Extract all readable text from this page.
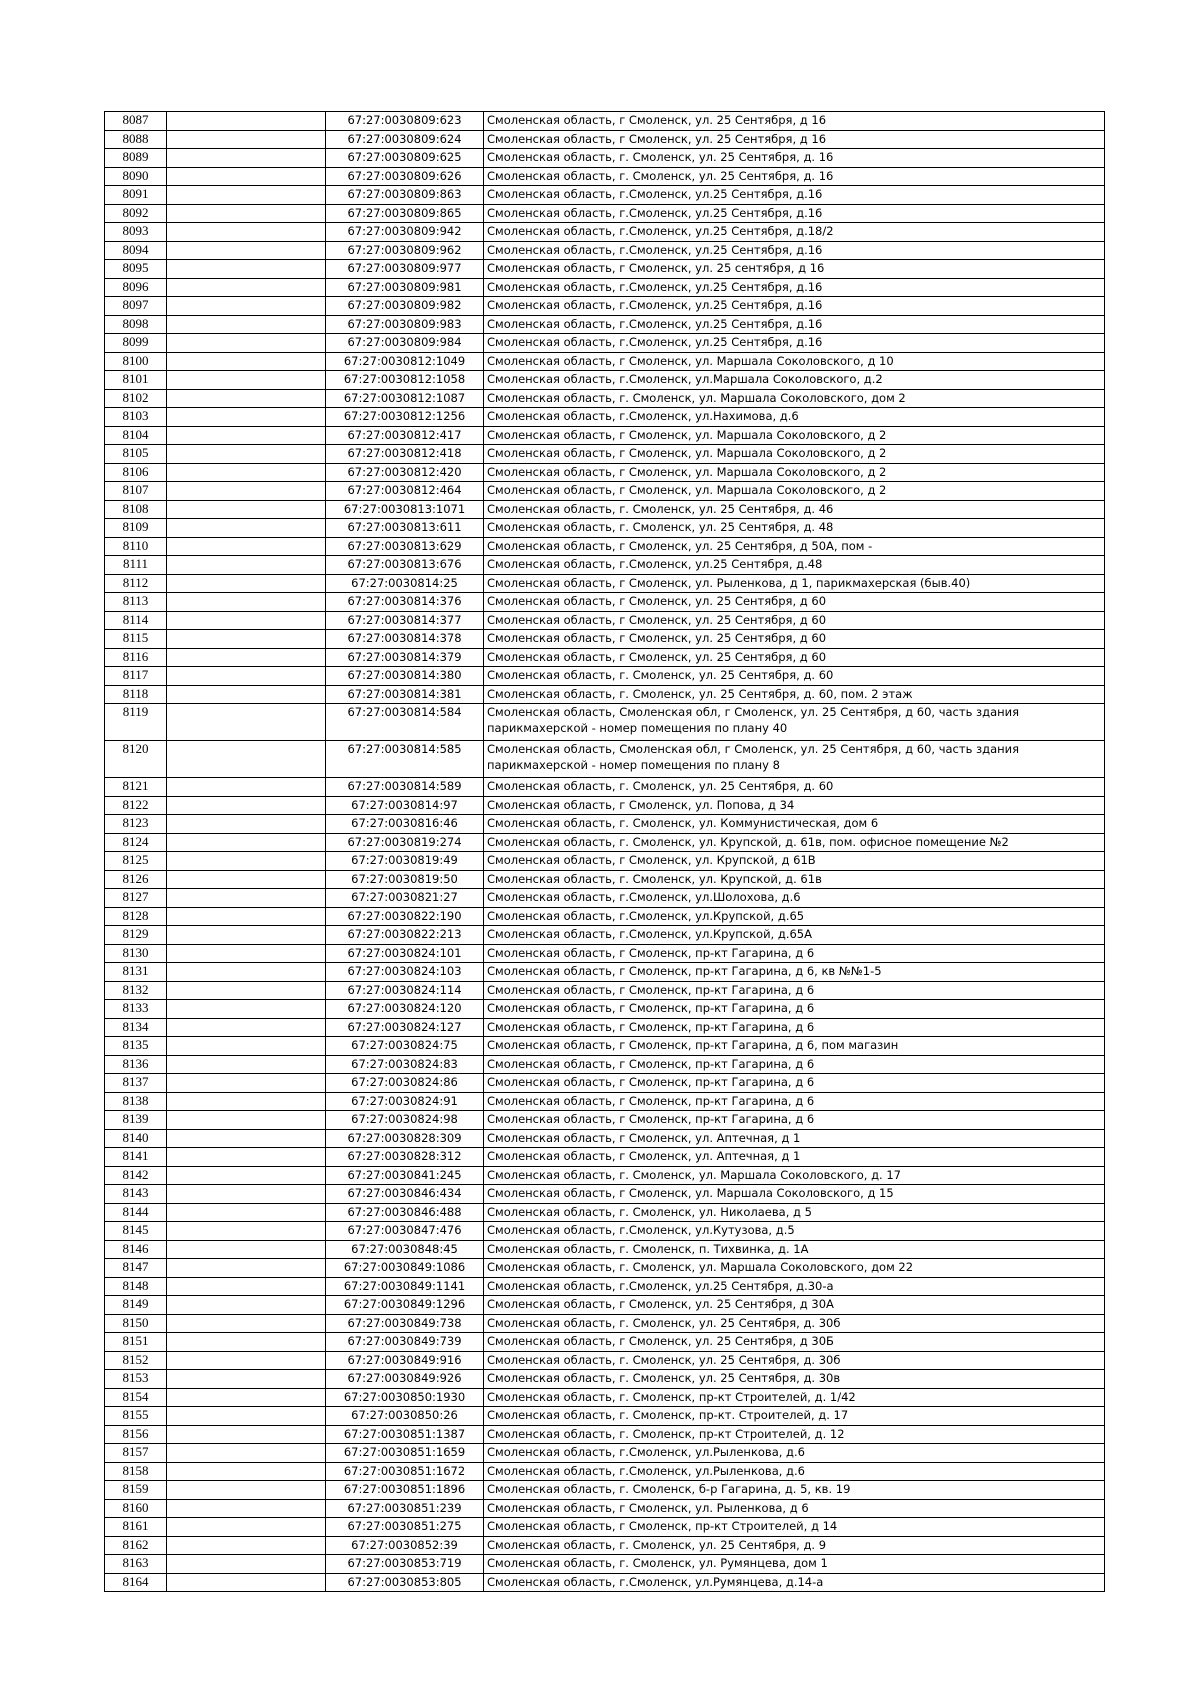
8087		67:27:0030809:623	Смоленская область, г Смоленск, ул. 25 Сентября, д 16
8088		67:27:0030809:624	Смоленская область, г Смоленск, ул. 25 Сентября, д 16
8089		67:27:0030809:625	Смоленская область, г. Смоленск, ул. 25 Сентября, д. 16
8090		67:27:0030809:626	Смоленская область, г. Смоленск, ул. 25 Сентября, д. 16
8091		67:27:0030809:863	Смоленская область, г.Смоленск, ул.25 Сентября, д.16
8092		67:27:0030809:865	Смоленская область, г.Смоленск, ул.25 Сентября, д.16
8093		67:27:0030809:942	Смоленская область, г.Смоленск, ул.25 Сентября, д.18/2
8094		67:27:0030809:962	Смоленская область, г.Смоленск, ул.25 Сентября, д.16
8095		67:27:0030809:977	Смоленская область, г Смоленск, ул. 25 сентября, д 16
8096		67:27:0030809:981	Смоленская область, г.Смоленск, ул.25 Сентября, д.16
8097		67:27:0030809:982	Смоленская область, г.Смоленск, ул.25 Сентября, д.16
8098		67:27:0030809:983	Смоленская область, г.Смоленск, ул.25 Сентября, д.16
8099		67:27:0030809:984	Смоленская область, г.Смоленск, ул.25 Сентября, д.16
8100		67:27:0030812:1049	Смоленская область, г Смоленск, ул. Маршала Соколовского, д 10
8101		67:27:0030812:1058	Смоленская область, г.Смоленск, ул.Маршала Соколовского, д.2
8102		67:27:0030812:1087	Смоленская область, г. Смоленск, ул. Маршала Соколовского, дом 2
8103		67:27:0030812:1256	Смоленская область, г.Смоленск, ул.Нахимова, д.6
8104		67:27:0030812:417	Смоленская область, г Смоленск, ул. Маршала Соколовского, д 2
8105		67:27:0030812:418	Смоленская область, г Смоленск, ул. Маршала Соколовского, д 2
8106		67:27:0030812:420	Смоленская область, г Смоленск, ул. Маршала Соколовского, д 2
8107		67:27:0030812:464	Смоленская область, г Смоленск, ул. Маршала Соколовского, д 2
8108		67:27:0030813:1071	Смоленская область, г. Смоленск, ул. 25 Сентября, д. 46
8109		67:27:0030813:611	Смоленская область, г. Смоленск, ул. 25 Сентября, д. 48
8110		67:27:0030813:629	Смоленская область, г Смоленск, ул. 25 Сентября, д 50А, пом -
8111		67:27:0030813:676	Смоленская область, г.Смоленск, ул.25 Сентября, д.48
8112		67:27:0030814:25	Смоленская область, г Смоленск, ул. Рыленкова, д 1, парикмахерская (быв.40)
8113		67:27:0030814:376	Смоленская область, г Смоленск, ул. 25 Сентября, д 60
8114		67:27:0030814:377	Смоленская область, г Смоленск, ул. 25 Сентября, д 60
8115		67:27:0030814:378	Смоленская область, г Смоленск, ул. 25 Сентября, д 60
8116		67:27:0030814:379	Смоленская область, г Смоленск, ул. 25 Сентября, д 60
8117		67:27:0030814:380	Смоленская область, г. Смоленск, ул. 25 Сентября, д. 60
8118		67:27:0030814:381	Смоленская область, г. Смоленск, ул. 25 Сентября, д. 60, пом. 2 этаж
8119		67:27:0030814:584	Смоленская область, Смоленская обл, г Смоленск, ул. 25 Сентября, д 60, часть здания парикмахерской - номер помещения по плану 40
8120		67:27:0030814:585	Смоленская область, Смоленская обл, г Смоленск, ул. 25 Сентября, д 60, часть здания парикмахерской - номер помещения по плану 8
8121		67:27:0030814:589	Смоленская область, г. Смоленск, ул. 25 Сентября, д. 60
8122		67:27:0030814:97	Смоленская область, г Смоленск, ул. Попова, д 34
8123		67:27:0030816:46	Смоленская область, г. Смоленск, ул. Коммунистическая, дом 6
8124		67:27:0030819:274	Смоленская область, г. Смоленск, ул. Крупской, д. 61в, пом. офисное помещение №2
8125		67:27:0030819:49	Смоленская область, г Смоленск, ул. Крупской, д 61В
8126		67:27:0030819:50	Смоленская область, г. Смоленск, ул. Крупской, д. 61в
8127		67:27:0030821:27	Смоленская область, г.Смоленск, ул.Шолохова, д.6
8128		67:27:0030822:190	Смоленская область, г.Смоленск, ул.Крупской, д.65
8129		67:27:0030822:213	Смоленская область, г.Смоленск, ул.Крупской, д.65А
8130		67:27:0030824:101	Смоленская область, г Смоленск, пр-кт Гагарина, д 6
8131		67:27:0030824:103	Смоленская область, г Смоленск, пр-кт Гагарина, д 6, кв №№1-5
8132		67:27:0030824:114	Смоленская область, г Смоленск, пр-кт Гагарина, д 6
8133		67:27:0030824:120	Смоленская область, г Смоленск, пр-кт Гагарина, д 6
8134		67:27:0030824:127	Смоленская область, г Смоленск, пр-кт Гагарина, д 6
8135		67:27:0030824:75	Смоленская область, г Смоленск, пр-кт Гагарина, д 6, пом магазин
8136		67:27:0030824:83	Смоленская область, г Смоленск, пр-кт Гагарина, д 6
8137		67:27:0030824:86	Смоленская область, г Смоленск, пр-кт Гагарина, д 6
8138		67:27:0030824:91	Смоленская область, г Смоленск, пр-кт Гагарина, д 6
8139		67:27:0030824:98	Смоленская область, г Смоленск, пр-кт Гагарина, д 6
8140		67:27:0030828:309	Смоленская область, г Смоленск, ул. Аптечная, д 1
8141		67:27:0030828:312	Смоленская область, г Смоленск, ул. Аптечная, д 1
8142		67:27:0030841:245	Смоленская область, г. Смоленск, ул. Маршала Соколовского, д. 17
8143		67:27:0030846:434	Смоленская область, г Смоленск, ул. Маршала Соколовского, д 15
8144		67:27:0030846:488	Смоленская область, г. Смоленск, ул. Николаева, д 5
8145		67:27:0030847:476	Смоленская область, г.Смоленск, ул.Кутузова, д.5
8146		67:27:0030848:45	Смоленская область, г. Смоленск, п. Тихвинка, д. 1А
8147		67:27:0030849:1086	Смоленская область, г. Смоленск, ул. Маршала Соколовского, дом 22
8148		67:27:0030849:1141	Смоленская область, г.Смоленск, ул.25 Сентября, д.30-а
8149		67:27:0030849:1296	Смоленская область, г Смоленск, ул. 25 Сентября, д 30А
8150		67:27:0030849:738	Смоленская область, г. Смоленск, ул. 25 Сентября, д. 30б
8151		67:27:0030849:739	Смоленская область, г Смоленск, ул. 25 Сентября, д 30Б
8152		67:27:0030849:916	Смоленская область, г. Смоленск, ул. 25 Сентября, д. 30б
8153		67:27:0030849:926	Смоленская область, г. Смоленск, ул. 25 Сентября, д. 30в
8154		67:27:0030850:1930	Смоленская область, г. Смоленск, пр-кт Строителей, д. 1/42
8155		67:27:0030850:26	Смоленская область, г. Смоленск, пр-кт. Строителей, д. 17
8156		67:27:0030851:1387	Смоленская область, г. Смоленск, пр-кт Строителей, д. 12
8157		67:27:0030851:1659	Смоленская область, г.Смоленск, ул.Рыленкова, д.6
8158		67:27:0030851:1672	Смоленская область, г.Смоленск, ул.Рыленкова, д.6
8159		67:27:0030851:1896	Смоленская область, г. Смоленск, б-р Гагарина, д. 5, кв. 19
8160		67:27:0030851:239	Смоленская область, г Смоленск, ул. Рыленкова, д 6
8161		67:27:0030851:275	Смоленская область, г Смоленск, пр-кт Строителей, д 14
8162		67:27:0030852:39	Смоленская область, г. Смоленск, ул. 25 Сентября, д. 9
8163		67:27:0030853:719	Смоленская область, г. Смоленск, ул. Румянцева, дом 1
8164		67:27:0030853:805	Смоленская область, г.Смоленск, ул.Румянцева, д.14-а
